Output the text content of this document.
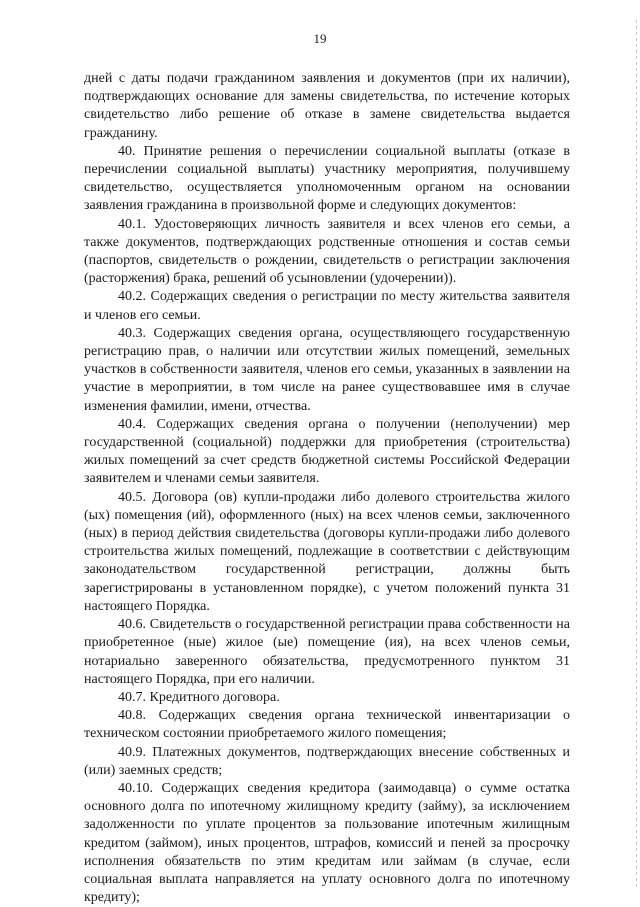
19

дней с даты подачи гражданином заявления и документов (при их наличии), подтверждающих основание для замены свидетельства, по истечение которых свидетельство либо решение об отказе в замене свидетельства выдается гражданину.

40. Принятие решения о перечислении социальной выплаты (отказе в перечислении социальной выплаты) участнику мероприятия, получившему свидетельство, осуществляется уполномоченным органом на основании заявления гражданина в произвольной форме и следующих документов:

40.1. Удостоверяющих личность заявителя и всех членов его семьи, а также документов, подтверждающих родственные отношения и состав семьи (паспортов, свидетельств о рождении, свидетельств о регистрации заключения (расторжения) брака, решений об усыновлении (удочерении)).

40.2. Содержащих сведения о регистрации по месту жительства заявителя и членов его семьи.

40.3. Содержащих сведения органа, осуществляющего государственную регистрацию прав, о наличии или отсутствии жилых помещений, земельных участков в собственности заявителя, членов его семьи, указанных в заявлении на участие в мероприятии, в том числе на ранее существовавшее имя в случае изменения фамилии, имени, отчества.

40.4. Содержащих сведения органа о получении (неполучении) мер государственной (социальной) поддержки для приобретения (строительства) жилых помещений за счет средств бюджетной системы Российской Федерации заявителем и членами семьи заявителя.

40.5. Договора (ов) купли-продажи либо долевого строительства жилого (ых) помещения (ий), оформленного (ных) на всех членов семьи, заключенного (ных) в период действия свидетельства (договоры купли-продажи либо долевого строительства жилых помещений, подлежащие в соответствии с действующим законодательством государственной регистрации, должны быть зарегистрированы в установленном порядке), с учетом положений пункта 31 настоящего Порядка.

40.6. Свидетельств о государственной регистрации права собственности на приобретенное (ные) жилое (ые) помещение (ия), на всех членов семьи, нотариально заверенного обязательства, предусмотренного пунктом 31 настоящего Порядка, при его наличии.

40.7. Кредитного договора.

40.8. Содержащих сведения органа технической инвентаризации о техническом состоянии приобретаемого жилого помещения;

40.9. Платежных документов, подтверждающих внесение собственных и (или) заемных средств;

40.10. Содержащих сведения кредитора (заимодавца) о сумме остатка основного долга по ипотечному жилищному кредиту (займу), за исключением задолженности по уплате процентов за пользование ипотечным жилищным кредитом (займом), иных процентов, штрафов, комиссий и пеней за просрочку исполнения обязательств по этим кредитам или займам (в случае, если социальная выплата направляется на уплату основного долга по ипотечному кредиту);
